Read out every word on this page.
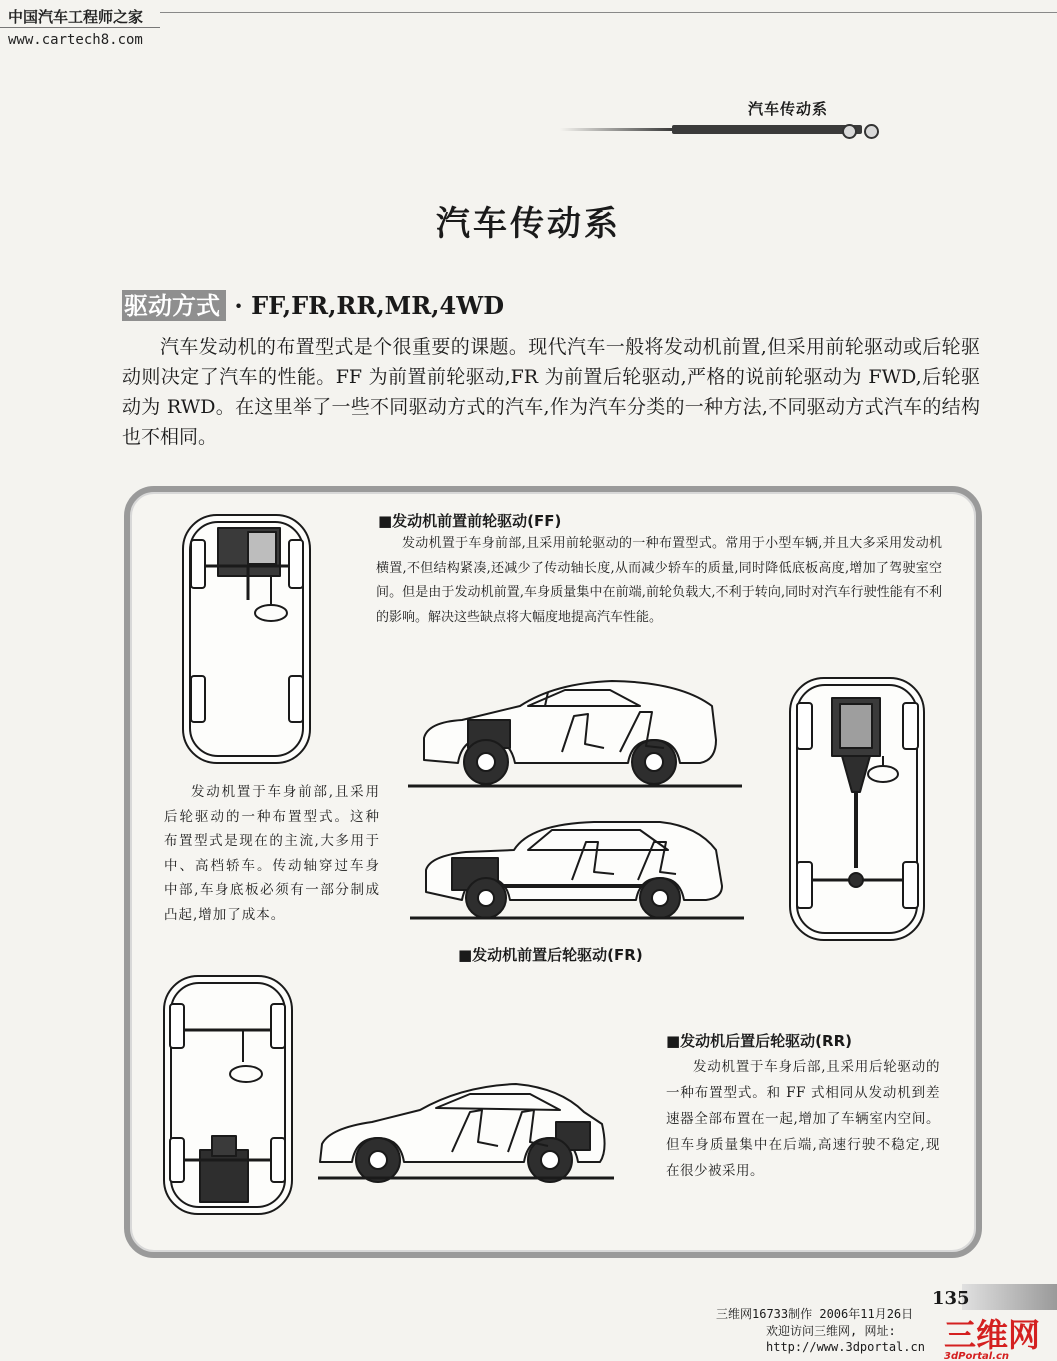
中国汽车工程师之家
www.cartech8.com
汽车传动系
汽车传动系
驱动方式 · FF,FR,RR,MR,4WD
汽车发动机的布置型式是个很重要的课题。现代汽车一般将发动机前置,但采用前轮驱动或后轮驱动则决定了汽车的性能。FF 为前置前轮驱动,FR 为前置后轮驱动,严格的说前轮驱动为 FWD,后轮驱动为 RWD。在这里举了一些不同驱动方式的汽车,作为汽车分类的一种方法,不同驱动方式汽车的结构也不相同。
■发动机前置前轮驱动(FF)
发动机置于车身前部,且采用前轮驱动的一种布置型式。常用于小型车辆,并且大多采用发动机横置,不但结构紧凑,还减少了传动轴长度,从而减少轿车的质量,同时降低底板高度,增加了驾驶室空间。但是由于发动机前置,车身质量集中在前端,前轮负载大,不利于转向,同时对汽车行驶性能有不利的影响。解决这些缺点将大幅度地提高汽车性能。
发动机置于车身前部,且采用后轮驱动的一种布置型式。这种布置型式是现在的主流,大多用于中、高档轿车。传动轴穿过车身中部,车身底板必须有一部分制成凸起,增加了成本。
■发动机前置后轮驱动(FR)
■发动机后置后轮驱动(RR)
发动机置于车身后部,且采用后轮驱动的一种布置型式。和 FF 式相同从发动机到差速器全部布置在一起,增加了车辆室内空间。但车身质量集中在后端,高速行驶不稳定,现在很少被采用。
135
三维网16733制作 2006年11月26日
欢迎访问三维网, 网址:
http://www.3dportal.cn 三维网
3dPortal.cn
